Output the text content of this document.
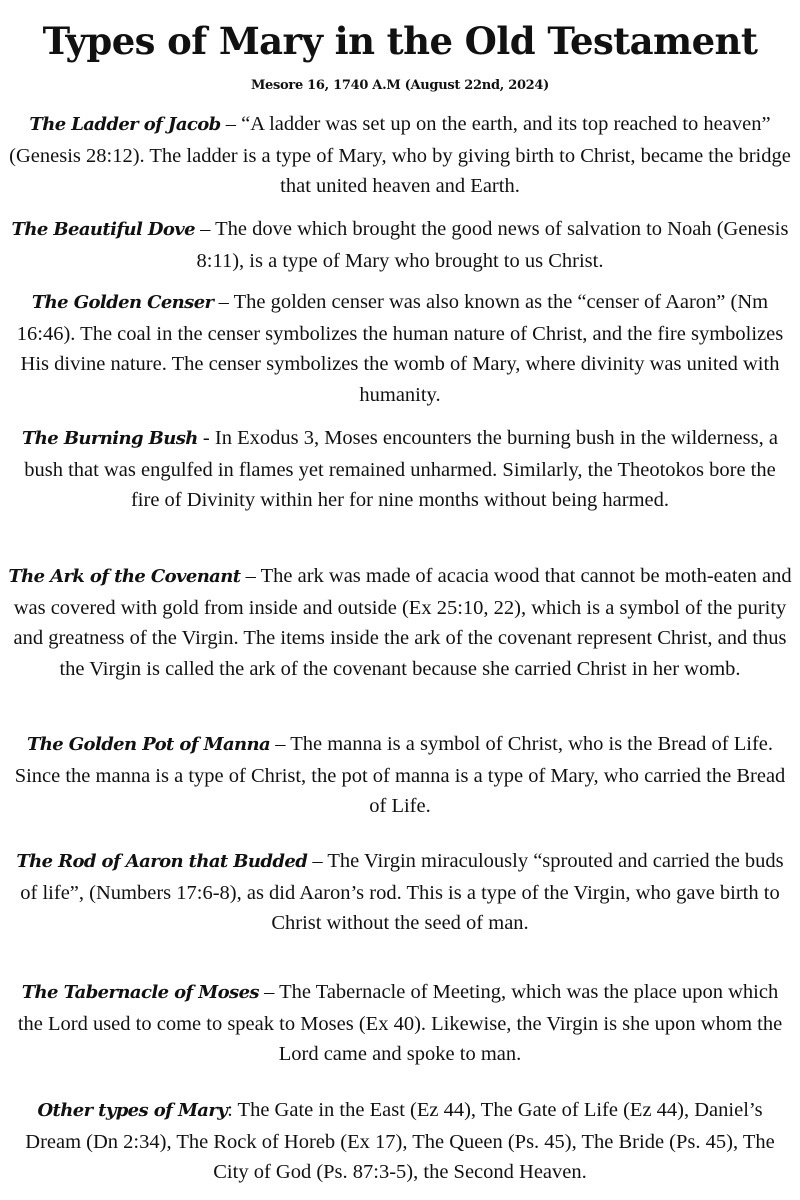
Types of Mary in the Old Testament
Mesore 16, 1740 A.M (August 22nd, 2024)

The Ladder of Jacob – “A ladder was set up on the earth, and its top reached to heaven” (Genesis 28:12). The ladder is a type of Mary, who by giving birth to Christ, became the bridge that united heaven and Earth.

The Beautiful Dove – The dove which brought the good news of salvation to Noah (Genesis 8:11), is a type of Mary who brought to us Christ.

The Golden Censer – The golden censer was also known as the “censer of Aaron” (Nm 16:46). The coal in the censer symbolizes the human nature of Christ, and the fire symbolizes His divine nature. The censer symbolizes the womb of Mary, where divinity was united with humanity.

The Burning Bush - In Exodus 3, Moses encounters the burning bush in the wilderness, a bush that was engulfed in flames yet remained unharmed. Similarly, the Theotokos bore the fire of Divinity within her for nine months without being harmed.

The Ark of the Covenant – The ark was made of acacia wood that cannot be moth-eaten and was covered with gold from inside and outside (Ex 25:10, 22), which is a symbol of the purity and greatness of the Virgin. The items inside the ark of the covenant represent Christ, and thus the Virgin is called the ark of the covenant because she carried Christ in her womb.

The Golden Pot of Manna – The manna is a symbol of Christ, who is the Bread of Life. Since the manna is a type of Christ, the pot of manna is a type of Mary, who carried the Bread of Life.

The Rod of Aaron that Budded – The Virgin miraculously “sprouted and carried the buds of life”, (Numbers 17:6-8), as did Aaron’s rod. This is a type of the Virgin, who gave birth to Christ without the seed of man.

The Tabernacle of Moses – The Tabernacle of Meeting, which was the place upon which the Lord used to come to speak to Moses (Ex 40). Likewise, the Virgin is she upon whom the Lord came and spoke to man.

Other types of Mary: The Gate in the East (Ez 44), The Gate of Life (Ez 44), Daniel’s Dream (Dn 2:34), The Rock of Horeb (Ex 17), The Queen (Ps. 45), The Bride (Ps. 45), The City of God (Ps. 87:3-5), the Second Heaven.
